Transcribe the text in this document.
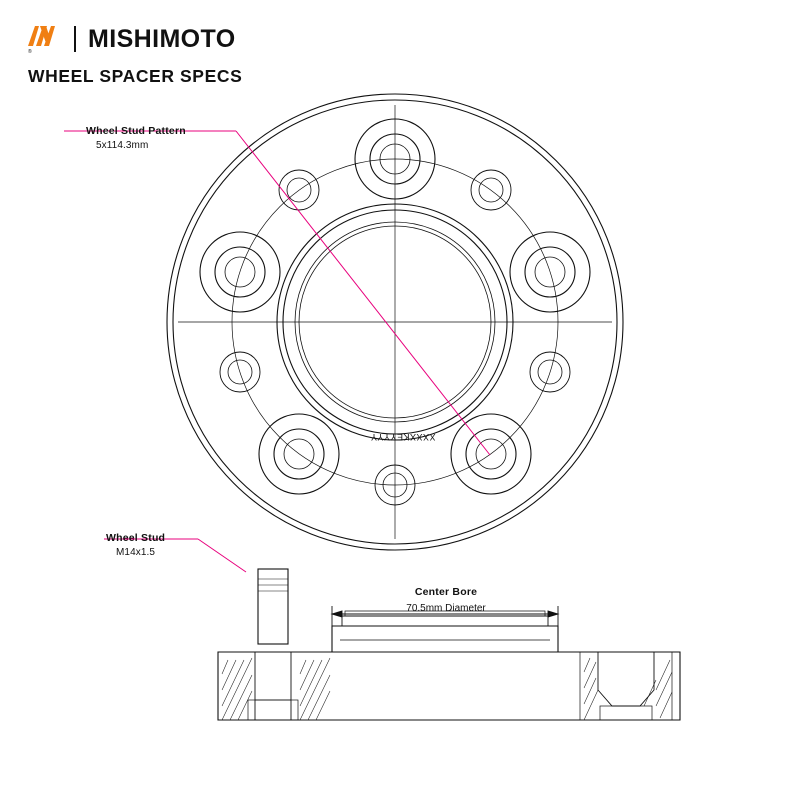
® MISHIMOTO
WHEEL SPACER SPECS
Wheel Stud Pattern
5x114.3mm
Wheel Stud
M14x1.5
Center Bore
70.5mm Diameter
XXXXKEYYYY
